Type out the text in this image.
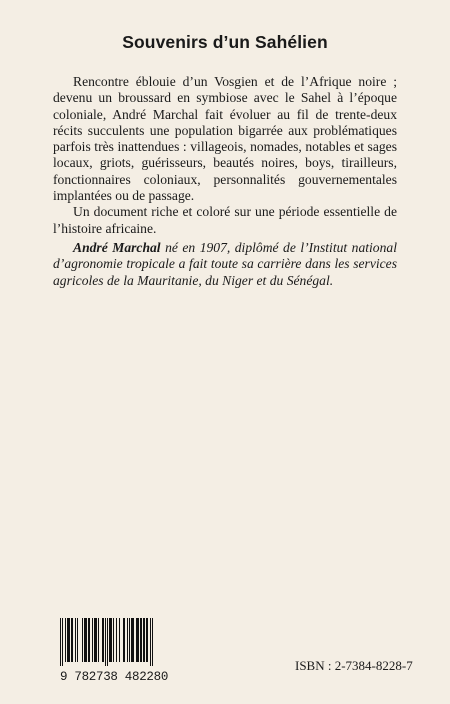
Souvenirs d’un Sahélien

Rencontre éblouie d’un Vosgien et de l’Afrique noire ; devenu un broussard en symbiose avec le Sahel à l’époque coloniale, André Marchal fait évoluer au fil de trente-deux récits succulents une population bigarrée aux problématiques parfois très inattendues : villageois, nomades, notables et sages locaux, griots, guérisseurs, beautés noires, boys, tirailleurs, fonctionnaires coloniaux, personnalités gouvernementales implantées ou de passage.

Un document riche et coloré sur une période essentielle de l’histoire africaine.

André Marchal né en 1907, diplômé de l’Institut national d’agronomie tropicale a fait toute sa carrière dans les services agricoles de la Mauritanie, du Niger et du Sénégal.

9 782738 482280
ISBN : 2-7384-8228-7
